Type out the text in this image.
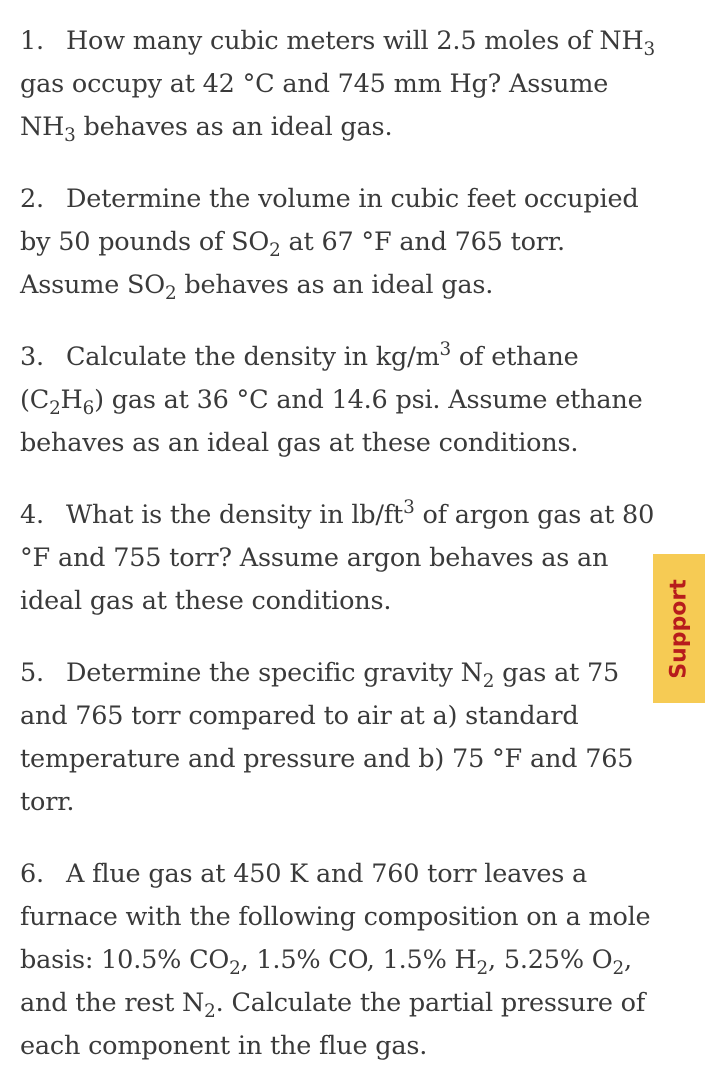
1. How many cubic meters will 2.5 moles of $NH_3$ gas occupy at 42 °C and 745 mm Hg? Assume $NH_3$ behaves as an ideal gas.
2. Determine the volume in cubic feet occupied by 50 pounds of $SO_2$ at 67 °F and 765 torr. Assume $SO_2$ behaves as an ideal gas.
3. Calculate the density in $kg/m^3$ of ethane $(C_2H_6)$ gas at 36 °C and 14.6 psi. Assume ethane behaves as an ideal gas at these conditions.
4. What is the density in $lb/ft^3$ of argon gas at 80 °F and 755 torr? Assume argon behaves as an ideal gas at these conditions.
5. Determine the specific gravity $N_2$ gas at 75 and 765 torr compared to air at a) standard temperature and pressure and b) 75 °F and 765 torr.
6. A flue gas at 450 K and 760 torr leaves a furnace with the following composition on a mole basis: 10.5% $CO_2$, 1.5% CO, 1.5% $H_2$, 5.25% $O_2$, and the rest $N_2$. Calculate the partial pressure of each component in the flue gas.
Support
